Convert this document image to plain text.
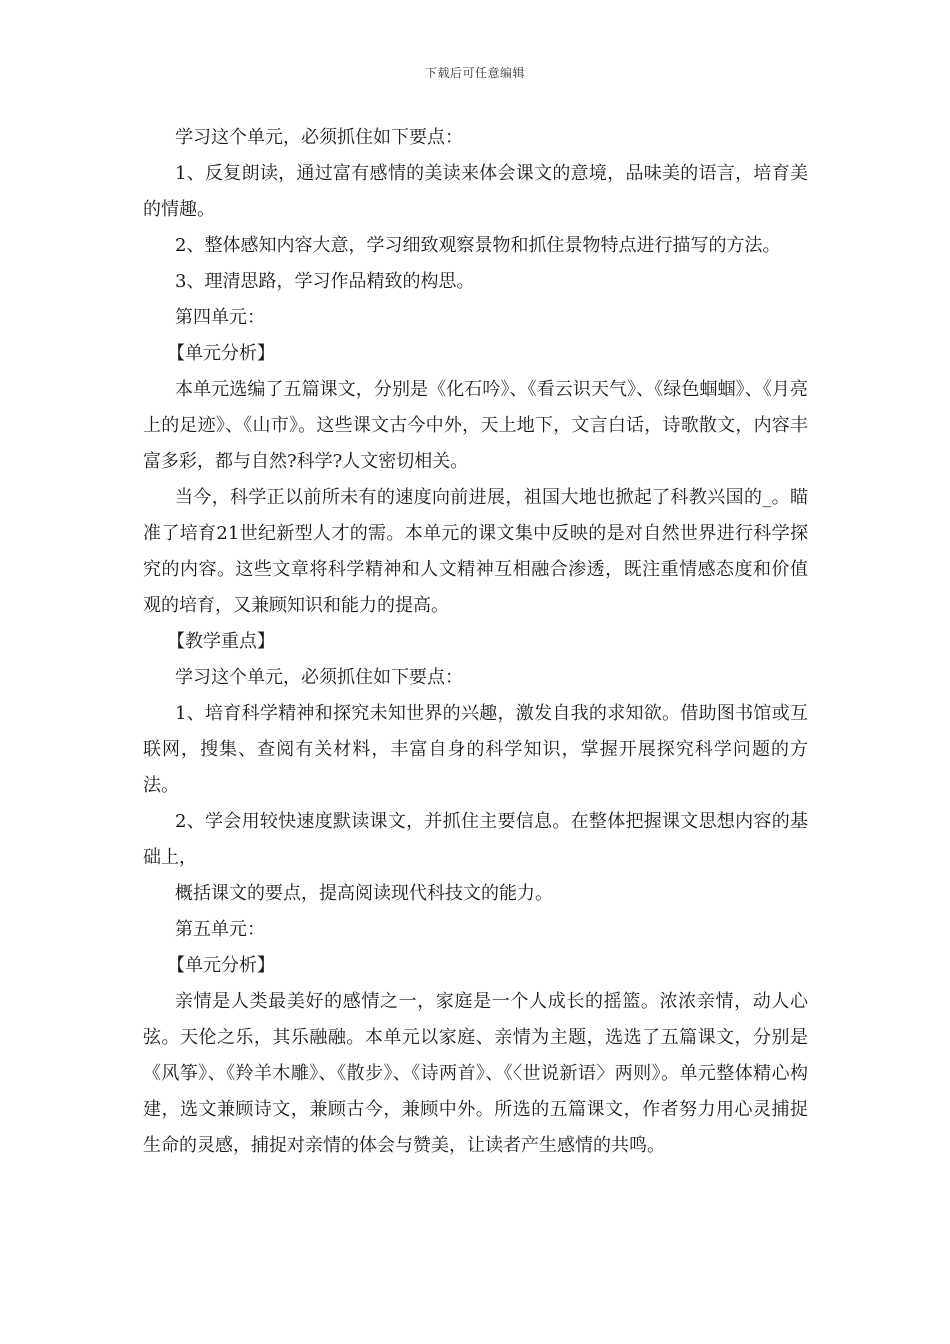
下载后可任意编辑

学习这个单元，必须抓住如下要点：

1、反复朗读，通过富有感情的美读来体会课文的意境，品味美的语言，培育美的情趣。

2、整体感知内容大意，学习细致观察景物和抓住景物特点进行描写的方法。

3、理清思路，学习作品精致的构思。

第四单元：

【单元分析】

本单元选编了五篇课文，分别是《化石吟》、《看云识天气》、《绿色蝈蝈》、《月亮上的足迹》、《山市》。这些课文古今中外，天上地下，文言白话，诗歌散文，内容丰富多彩，都与自然?科学?人文密切相关。

当今，科学正以前所未有的速度向前进展，祖国大地也掀起了科教兴国的_。瞄准了培育21世纪新型人才的需。本单元的课文集中反映的是对自然世界进行科学探究的内容。这些文章将科学精神和人文精神互相融合渗透，既注重情感态度和价值观的培育，又兼顾知识和能力的提高。

【教学重点】

学习这个单元，必须抓住如下要点：

1、培育科学精神和探究未知世界的兴趣，激发自我的求知欲。借助图书馆或互联网，搜集、查阅有关材料，丰富自身的科学知识，掌握开展探究科学问题的方法。

2、学会用较快速度默读课文，并抓住主要信息。在整体把握课文思想内容的基础上，

概括课文的要点，提高阅读现代科技文的能力。

第五单元：

【单元分析】

亲情是人类最美好的感情之一，家庭是一个人成长的摇篮。浓浓亲情，动人心弦。天伦之乐，其乐融融。本单元以家庭、亲情为主题，选选了五篇课文，分别是《风筝》、《羚羊木雕》、《散步》、《诗两首》、《〈世说新语〉两则》。单元整体精心构建，选文兼顾诗文，兼顾古今，兼顾中外。所选的五篇课文，作者努力用心灵捕捉生命的灵感，捕捉对亲情的体会与赞美，让读者产生感情的共鸣。
